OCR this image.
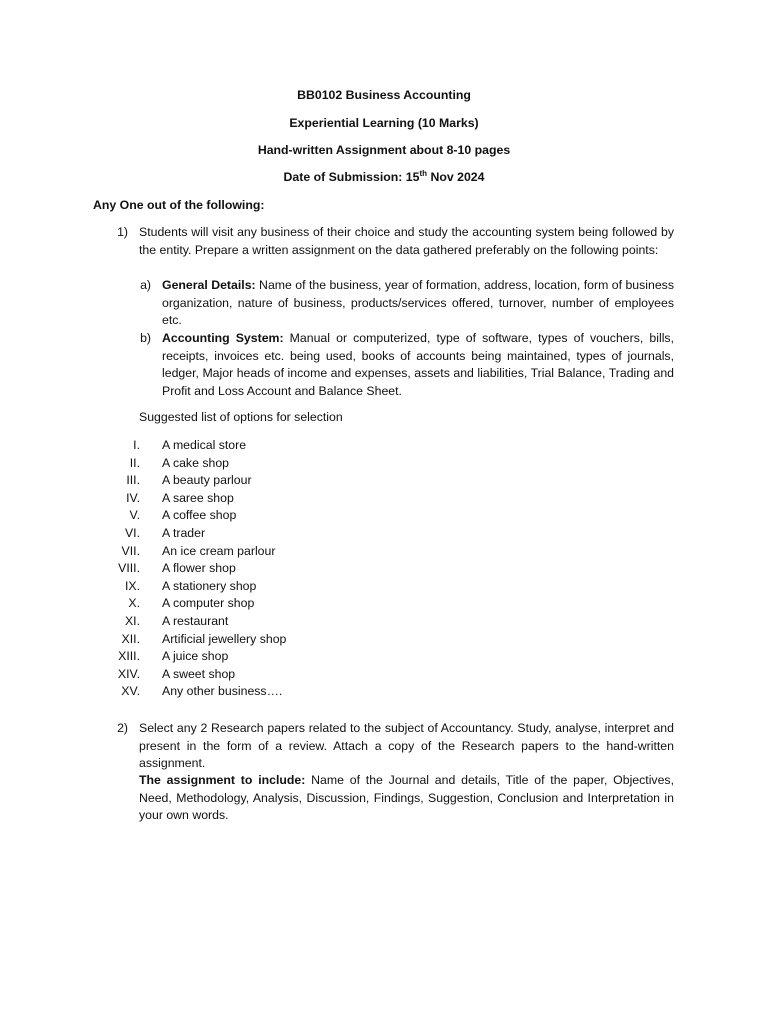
BB0102 Business Accounting
Experiential Learning (10 Marks)
Hand-written Assignment about 8-10 pages
Date of Submission: 15th Nov 2024
Any One out of the following:
1) Students will visit any business of their choice and study the accounting system being followed by the entity. Prepare a written assignment on the data gathered preferably on the following points:
a) General Details: Name of the business, year of formation, address, location, form of business organization, nature of business, products/services offered, turnover, number of employees etc.
b) Accounting System: Manual or computerized, type of software, types of vouchers, bills, receipts, invoices etc. being used, books of accounts being maintained, types of journals, ledger, Major heads of income and expenses, assets and liabilities, Trial Balance, Trading and Profit and Loss Account and Balance Sheet.
Suggested list of options for selection
I. A medical store
II. A cake shop
III. A beauty parlour
IV. A saree shop
V. A coffee shop
VI. A trader
VII. An ice cream parlour
VIII. A flower shop
IX. A stationery shop
X. A computer shop
XI. A restaurant
XII. Artificial jewellery shop
XIII. A juice shop
XIV. A sweet shop
XV. Any other business….
2) Select any 2 Research papers related to the subject of Accountancy. Study, analyse, interpret and present in the form of a review. Attach a copy of the Research papers to the hand-written assignment.
The assignment to include: Name of the Journal and details, Title of the paper, Objectives, Need, Methodology, Analysis, Discussion, Findings, Suggestion, Conclusion and Interpretation in your own words.
